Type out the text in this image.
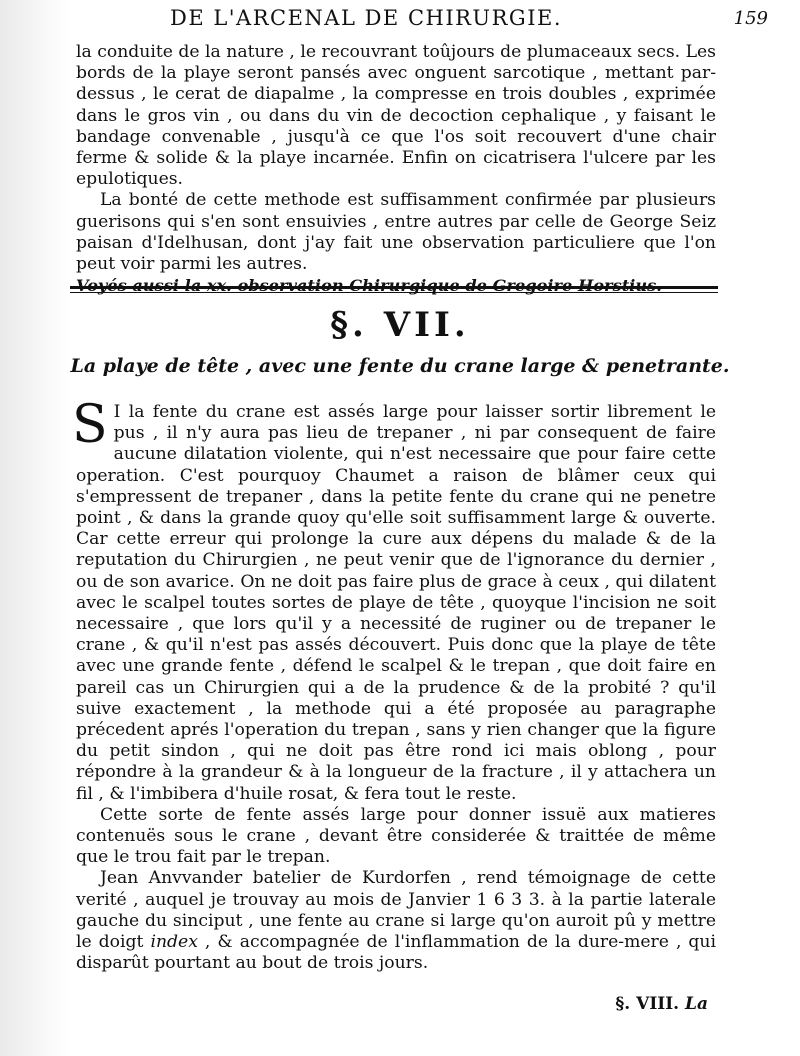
DE L'ARCENAL DE CHIRURGIE.	159

la conduite de la nature , le recouvrant toûjours de plumaceaux secs. Les bords de la playe seront pansés avec onguent sarcotique , mettant par-dessus , le cerat de diapalme , la compresse en trois doubles , exprimée dans le gros vin , ou dans du vin de decoction cephalique , y faisant le bandage convenable , jusqu'à ce que l'os soit recouvert d'une chair ferme & solide & la playe incarnée. Enfin on cicatrisera l'ulcere par les epulotiques.

La bonté de cette methode est suffisamment confirmée par plusieurs guerisons qui s'en sont ensuivies , entre autres par celle de George Seiz paisan d'Idelhusan, dont j'ay fait une observation particuliere que l'on peut voir parmi les autres.

Voyés aussi la xx. observation Chirurgique de Gregoire Horstius.

§. VII.
La playe de tête , avec une fente du crane large & penetrante.

S I la fente du crane est assés large pour laisser sortir librement le pus , il n'y aura pas lieu de trepaner , ni par consequent de faire aucune dilatation violente, qui n'est necessaire que pour faire cette operation. C'est pourquoy Chaumet a raison de blâmer ceux qui s'empressent de trepaner , dans la petite fente du crane qui ne penetre point , & dans la grande quoy qu'elle soit suffisamment large & ouverte. Car cette erreur qui prolonge la cure aux dépens du malade & de la reputation du Chirurgien , ne peut venir que de l'ignorance du dernier , ou de son avarice. On ne doit pas faire plus de grace à ceux , qui dilatent avec le scalpel toutes sortes de playe de tête , quoyque l'incision ne soit necessaire , que lors qu'il y a necessité de ruginer ou de trepaner le crane , & qu'il n'est pas assés découvert. Puis donc que la playe de tête avec une grande fente , défend le scalpel & le trepan , que doit faire en pareil cas un Chirurgien qui a de la prudence & de la probité ? qu'il suive exactement , la methode qui a été proposée au paragraphe précedent aprés l'operation du trepan , sans y rien changer que la figure du petit sindon , qui ne doit pas être rond ici mais oblong , pour répondre à la grandeur & à la longueur de la fracture , il y attachera un fil , & l'imbibera d'huile rosat, & fera tout le reste.

Cette sorte de fente assés large pour donner issuë aux matieres contenuës sous le crane , devant être considerée & traittée de même que le trou fait par le trepan.

Jean Anvvander batelier de Kurdorfen , rend témoignage de cette verité , auquel je trouvay au mois de Janvier 1 6 3 3. à la partie laterale gauche du sinciput , une fente au crane si large qu'on auroit pû y mettre le doigt index , & accompagnée de l'inflammation de la dure-mere , qui disparût pourtant au bout de trois jours.

§. VIII. La
